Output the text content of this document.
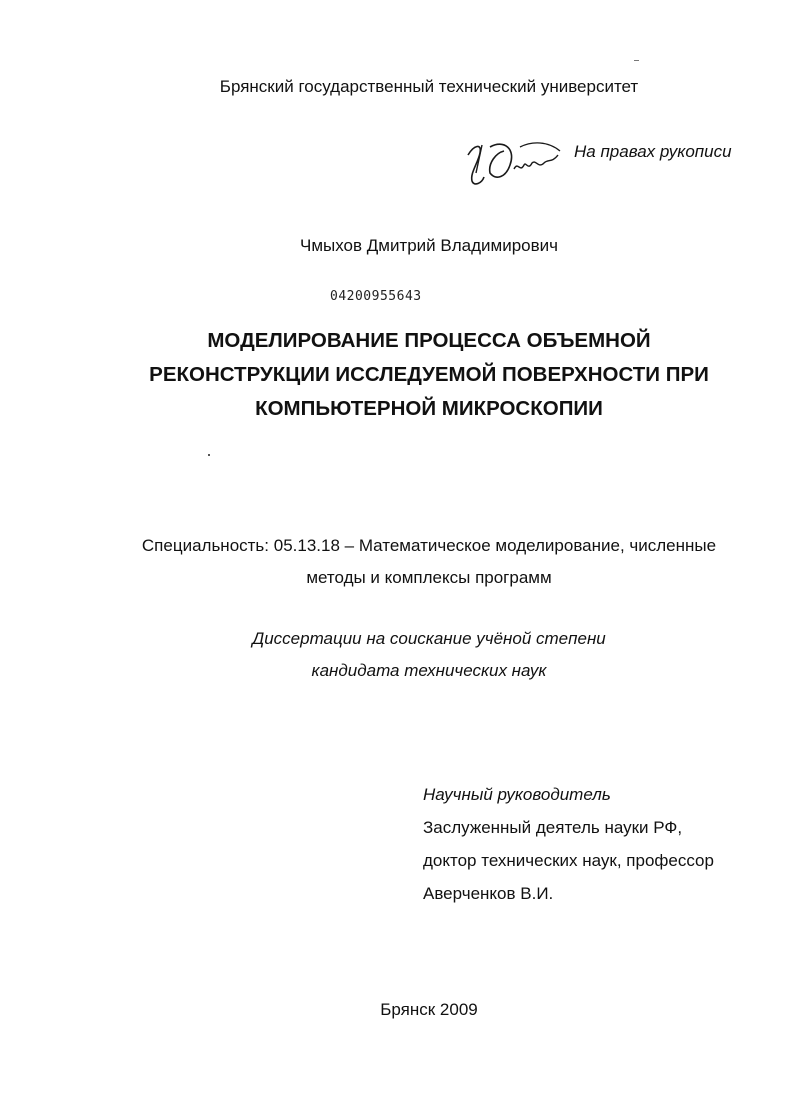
Брянский государственный технический университет
На правах рукописи
Чмыхов Дмитрий Владимирович
04200955643
МОДЕЛИРОВАНИЕ ПРОЦЕССА ОБЪЕМНОЙ
РЕКОНСТРУКЦИИ ИССЛЕДУЕМОЙ ПОВЕРХНОСТИ ПРИ
КОМПЬЮТЕРНОЙ МИКРОСКОПИИ
Специальность: 05.13.18 – Математическое моделирование, численные
методы и комплексы программ
Диссертации на соискание учёной степени
кандидата технических наук
Научный руководитель
Заслуженный деятель науки РФ,
доктор технических наук, профессор
Аверченков В.И.
Брянск 2009
